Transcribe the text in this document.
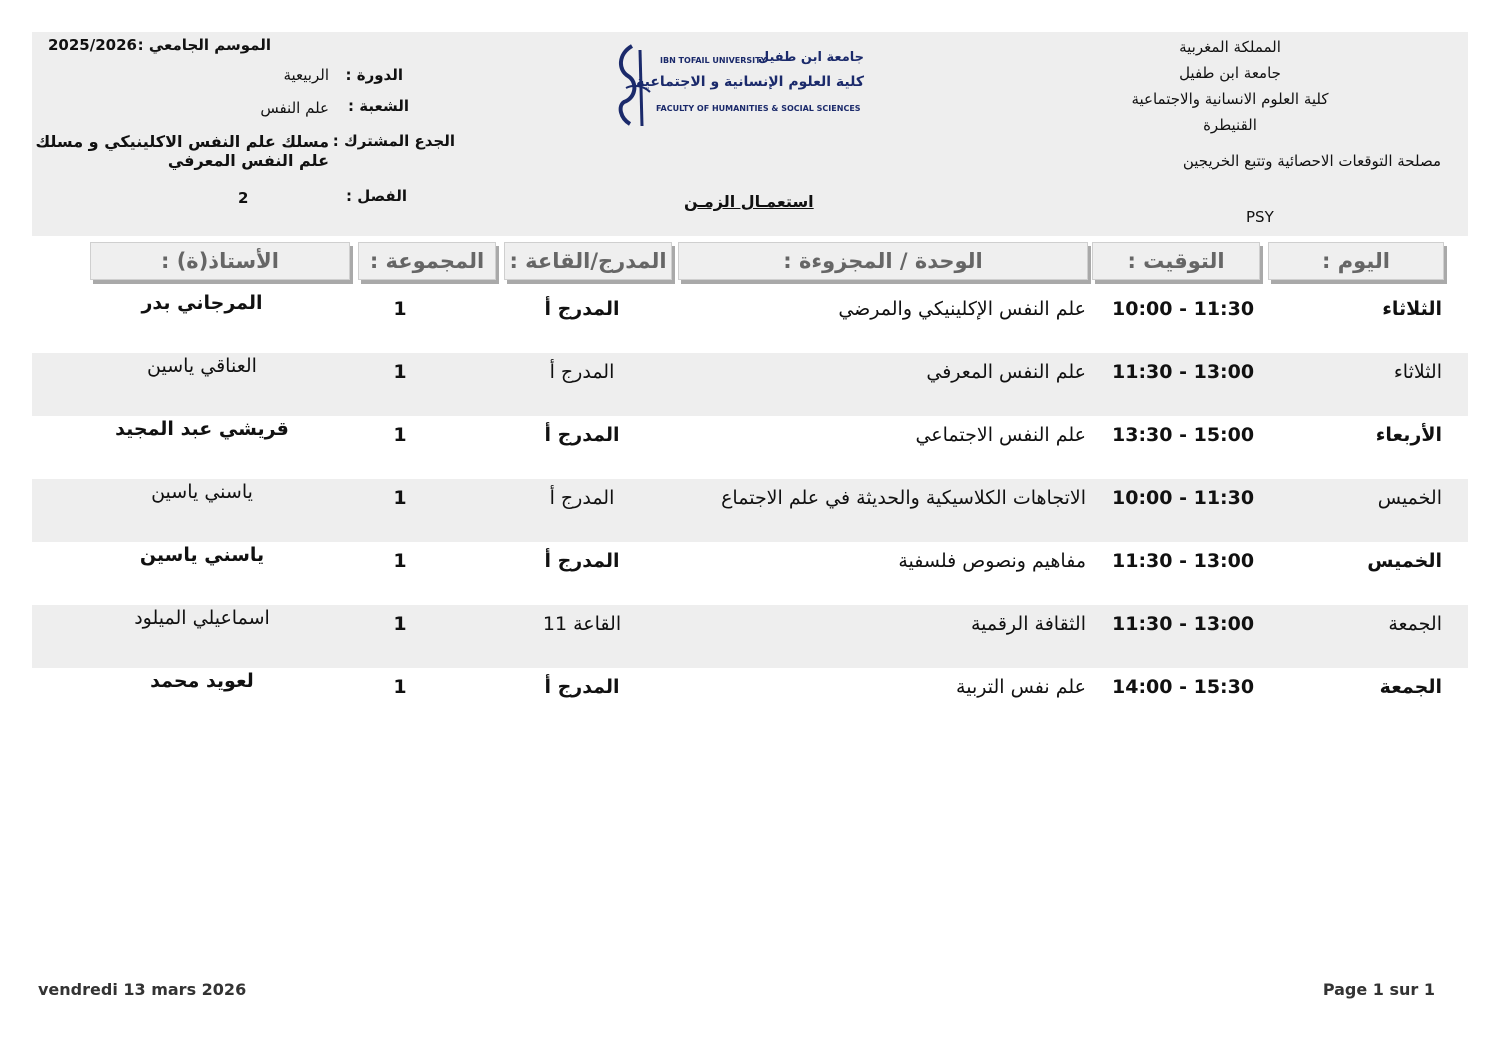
المملكة المغربية
جامعة ابن طفيل
كلية العلوم الانسانية والاجتماعية
القنيطرة
مصلحة التوقعات الاحصائية وتتبع الخريجين
PSY
IBN TOFAIL UNIVERSITY
جامعة ابن طفيل
كلية العلوم الإنسانية و الاجتماعية
FACULTY OF HUMANITIES & SOCIAL SCIENCES
استعمـال الزمـن
الموسم الجامعي :
2025/2026
الدورة :
الربيعية
الشعبة :
علم النفس
الجدع المشترك :
مسلك علم النفس الاكلينيكي و مسلك
علم النفس المعرفي
الفصل :
2
اليوم :
التوقيت :
الوحدة / المجزوءة :
المدرج/القاعة :
المجموعة :
الأستاذ(ة) :
الثلاثاء
10:00 - 11:30
علم النفس الإكلينيكي والمرضي
المدرج أ
1
المرجاني بدر
الثلاثاء
11:30 - 13:00
علم النفس المعرفي
المدرج أ
1
العناقي ياسين
الأربعاء
13:30 - 15:00
علم النفس الاجتماعي
المدرج أ
1
قريشي عبد المجيد
الخميس
10:00 - 11:30
الاتجاهات الكلاسيكية والحديثة في علم الاجتماع
المدرج أ
1
ياسني ياسين
الخميس
11:30 - 13:00
مفاهيم ونصوص فلسفية
المدرج أ
1
ياسني ياسين
الجمعة
11:30 - 13:00
الثقافة الرقمية
القاعة 11
1
اسماعيلي الميلود
الجمعة
14:00 - 15:30
علم نفس التربية
المدرج أ
1
لعويد محمد
vendredi 13 mars 2026	Page 1 sur 1
